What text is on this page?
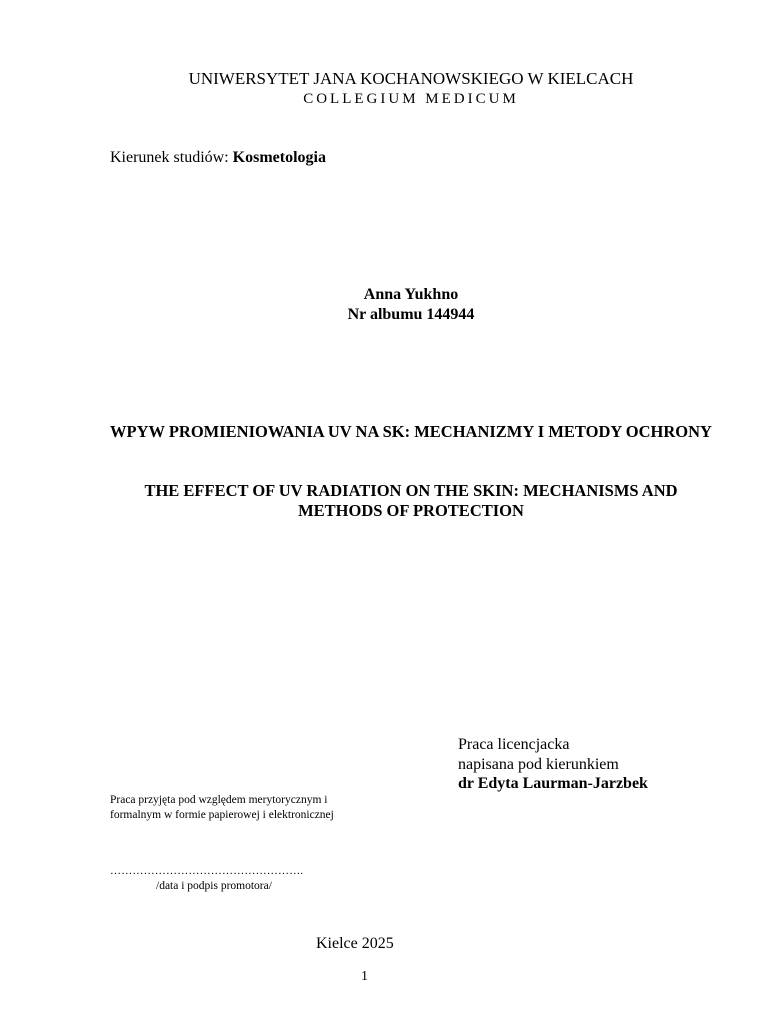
UNIWERSYTET JANA KOCHANOWSKIEGO W KIELCACH
COLLEGIUM MEDICUM
Kierunek studiów: Kosmetologia
Anna Yukhno
Nr albumu 144944
WPYW PROMIENIOWANIA UV NA SK: MECHANIZMY I METODY OCHRONY
THE EFFECT OF UV RADIATION ON THE SKIN: MECHANISMS AND METHODS OF PROTECTION
Praca licencjacka
napisana pod kierunkiem
dr Edyta Laurman-Jarzbek
Praca przyjęta pod względem merytorycznym i formalnym w formie papierowej i elektronicznej
…………………………………………….
/data i podpis promotora/
Kielce 2025
1
